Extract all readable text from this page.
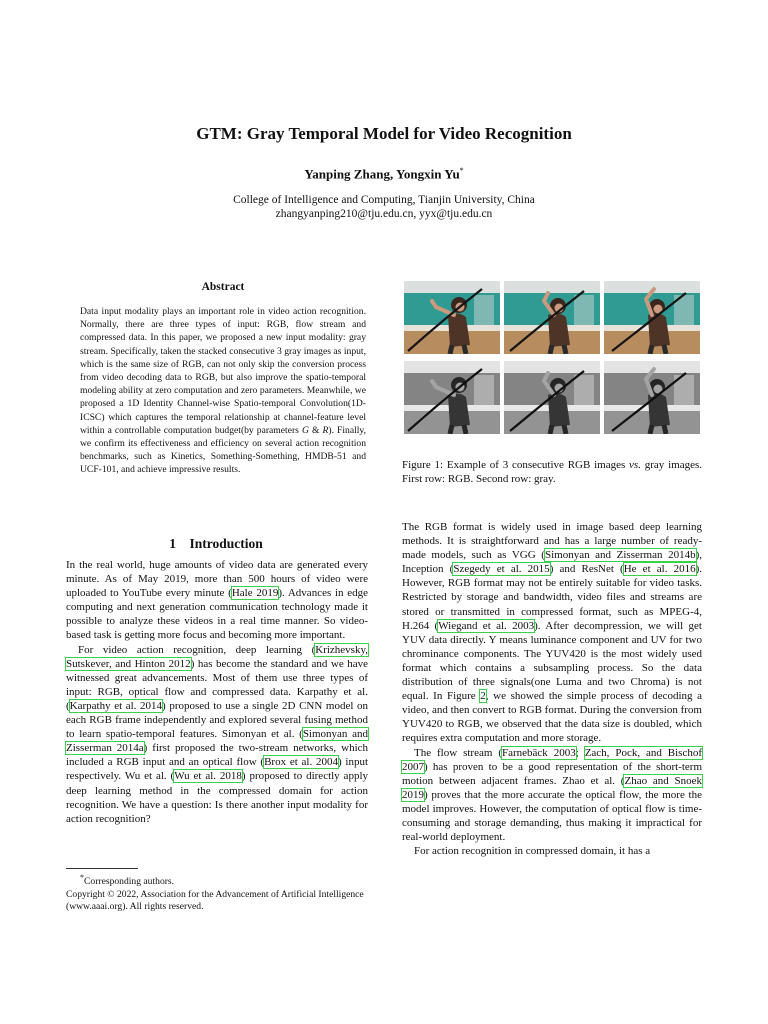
GTM: Gray Temporal Model for Video Recognition
Yanping Zhang, Yongxin Yu*
College of Intelligence and Computing, Tianjin University, China
zhangyanping210@tju.edu.cn, yyx@tju.edu.cn
Abstract

Data input modality plays an important role in video action recognition. Normally, there are three types of input: RGB, flow stream and compressed data. In this paper, we proposed a new input modality: gray stream. Specifically, taken the stacked consecutive 3 gray images as input, which is the same size of RGB, can not only skip the conversion process from video decoding data to RGB, but also improve the spatio-temporal modeling ability at zero computation and zero parameters. Meanwhile, we proposed a 1D Identity Channel-wise Spatio-temporal Convolution(1D-ICSC) which captures the temporal relationship at channel-feature level within a controllable computation budget(by parameters G & R). Finally, we confirm its effectiveness and efficiency on several action recognition benchmarks, such as Kinetics, Something-Something, HMDB-51 and UCF-101, and achieve impressive results.	Figure 1: Example of 3 consecutive RGB images vs. gray images. First row: RGB. Second row: gray.
1 Introduction

In the real world, huge amounts of video data are generated every minute. As of May 2019, more than 500 hours of video were uploaded to YouTube every minute (Hale 2019). Advances in edge computing and next generation communication technology made it possible to analyze these videos in a real time manner. So video-based task is getting more focus and becoming more important.

For video action recognition, deep learning (Krizhevsky, Sutskever, and Hinton 2012) has become the standard and we have witnessed great advancements. Most of them use three types of input: RGB, optical flow and compressed data. Karpathy et al. (Karpathy et al. 2014) proposed to use a single 2D CNN model on each RGB frame independently and explored several fusing method to learn spatio-temporal features. Simonyan et al. (Simonyan and Zisserman 2014a) first proposed the two-stream networks, which included a RGB input and an optical flow (Brox et al. 2004) input respectively. Wu et al. (Wu et al. 2018) proposed to directly apply deep learning method in the compressed domain for action recognition. We have a question: Is there another input modality for action recognition?

The RGB format is widely used in image based deep learning methods. It is straightforward and has a large number of ready-made models, such as VGG (Simonyan and Zisserman 2014b), Inception (Szegedy et al. 2015) and ResNet (He et al. 2016). However, RGB format may not be entirely suitable for video tasks. Restricted by storage and bandwidth, video files and streams are stored or transmitted in compressed format, such as MPEG-4, H.264 (Wiegand et al. 2003). After decompression, we will get YUV data directly. Y means luminance component and UV for two chrominance components. The YUV420 is the most widely used format which contains a subsampling process. So the data distribution of three signals(one Luma and two Chroma) is not equal. In Figure 2, we showed the simple process of decoding a video, and then convert to RGB format. During the conversion from YUV420 to RGB, we observed that the data size is doubled, which requires extra computation and more storage.

The flow stream (Farnebäck 2003; Zach, Pock, and Bischof 2007) has proven to be a good representation of the short-term motion between adjacent frames. Zhao et al. (Zhao and Snoek 2019) proves that the more accurate the optical flow, the more the model improves. However, the computation of optical flow is time-consuming and storage demanding, thus making it impractical for real-world deployment.

For action recognition in compressed domain, it has a

*Corresponding authors.
Copyright © 2022, Association for the Advancement of Artificial Intelligence (www.aaai.org). All rights reserved.
